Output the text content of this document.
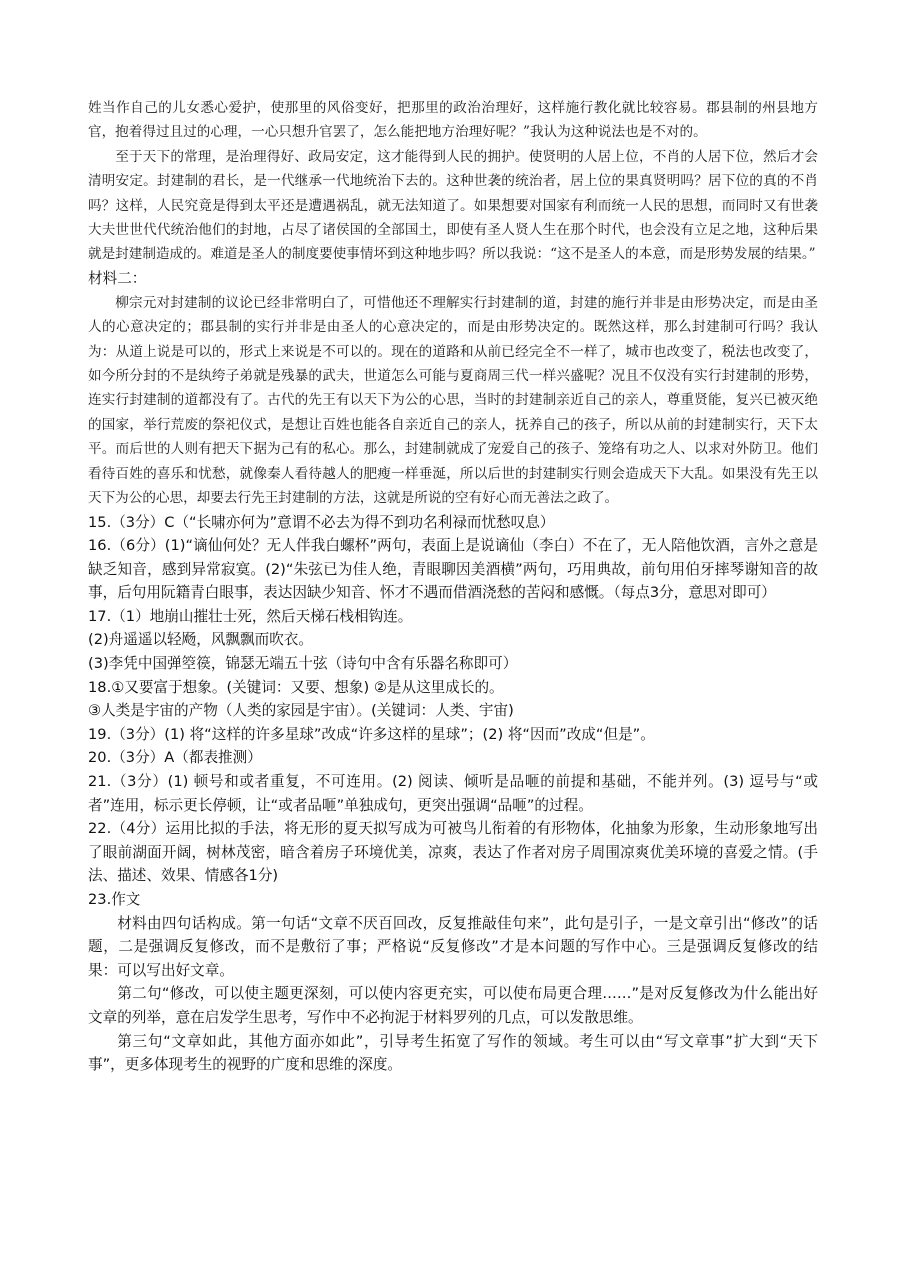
姓当作自己的儿女悉心爱护，使那里的风俗变好，把那里的政治治理好，这样施行教化就比较容易。郡县制的州县地方官，抱着得过且过的心理，一心只想升官罢了，怎么能把地方治理好呢？”我认为这种说法也是不对的。

至于天下的常理，是治理得好、政局安定，这才能得到人民的拥护。使贤明的人居上位，不肖的人居下位，然后才会清明安定。封建制的君长，是一代继承一代地统治下去的。这种世袭的统治者，居上位的果真贤明吗？居下位的真的不肖吗？这样，人民究竟是得到太平还是遭遇祸乱，就无法知道了。如果想要对国家有利而统一人民的思想，而同时又有世袭大夫世世代代统治他们的封地，占尽了诸侯国的全部国土，即使有圣人贤人生在那个时代，也会没有立足之地，这种后果就是封建制造成的。难道是圣人的制度要使事情坏到这种地步吗？所以我说：“这不是圣人的本意，而是形势发展的结果。”

材料二：

柳宗元对封建制的议论已经非常明白了，可惜他还不理解实行封建制的道，封建的施行并非是由形势决定，而是由圣人的心意决定的；郡县制的实行并非是由圣人的心意决定的，而是由形势决定的。既然这样，那么封建制可行吗？我认为：从道上说是可以的，形式上来说是不可以的。现在的道路和从前已经完全不一样了，城市也改变了，税法也改变了，如今所分封的不是纨绔子弟就是残暴的武夫，世道怎么可能与夏商周三代一样兴盛呢？况且不仅没有实行封建制的形势，连实行封建制的道都没有了。古代的先王有以天下为公的心思，当时的封建制亲近自己的亲人，尊重贤能，复兴已被灭绝的国家，举行荒废的祭祀仪式，是想让百姓也能各自亲近自己的亲人，抚养自己的孩子，所以从前的封建制实行，天下太平。而后世的人则有把天下据为己有的私心。那么，封建制就成了宠爱自己的孩子、笼络有功之人、以求对外防卫。他们看待百姓的喜乐和忧愁，就像秦人看待越人的肥瘦一样垂涎，所以后世的封建制实行则会造成天下大乱。如果没有先王以天下为公的心思，却要去行先王封建制的方法，这就是所说的空有好心而无善法之政了。

15.（3分）C（“长啸亦何为”意谓不必去为得不到功名利禄而忧愁叹息）

16.（6分）(1)“谪仙何处？无人伴我白螺杯”两句，表面上是说谪仙（李白）不在了，无人陪他饮酒，言外之意是缺乏知音，感到异常寂寞。(2)“朱弦已为佳人绝，青眼聊因美酒横”两句，巧用典故，前句用伯牙摔琴谢知音的故事，后句用阮籍青白眼事，表达因缺少知音、怀才不遇而借酒浇愁的苦闷和感慨。（每点3分，意思对即可）

17.（1）地崩山摧壮士死，然后天梯石栈相钩连。

(2)舟遥遥以轻飏，风飘飘而吹衣。

(3)李凭中国弹箜篌，锦瑟无端五十弦（诗句中含有乐器名称即可）

18.①又要富于想象。(关键词：又要、想象) ②是从这里成长的。

③人类是宇宙的产物（人类的家园是宇宙）。(关键词：人类、宇宙)

19.（3分）(1) 将“这样的许多星球”改成“许多这样的星球”；(2) 将“因而”改成“但是”。

20.（3分）A（都表推测）

21.（3分）(1) 顿号和或者重复，不可连用。(2) 阅读、倾听是品咂的前提和基础，不能并列。(3) 逗号与“或者”连用，标示更长停顿，让“或者品咂”单独成句，更突出强调“品咂”的过程。

22.（4分）运用比拟的手法，将无形的夏天拟写成为可被鸟儿衔着的有形物体，化抽象为形象，生动形象地写出了眼前湖面开阔，树林茂密，暗含着房子环境优美，凉爽，表达了作者对房子周围凉爽优美环境的喜爱之情。(手法、描述、效果、情感各1分)

23.作文

材料由四句话构成。第一句话“文章不厌百回改，反复推敲佳句来”，此句是引子，一是文章引出“修改”的话题，二是强调反复修改，而不是敷衍了事；严格说“反复修改”才是本问题的写作中心。三是强调反复修改的结果：可以写出好文章。

第二句“修改，可以使主题更深刻，可以使内容更充实，可以使布局更合理……”是对反复修改为什么能出好文章的列举，意在启发学生思考，写作中不必拘泥于材料罗列的几点，可以发散思维。

第三句“文章如此，其他方面亦如此”，引导考生拓宽了写作的领域。考生可以由“写文章事”扩大到“天下事”，更多体现考生的视野的广度和思维的深度。
